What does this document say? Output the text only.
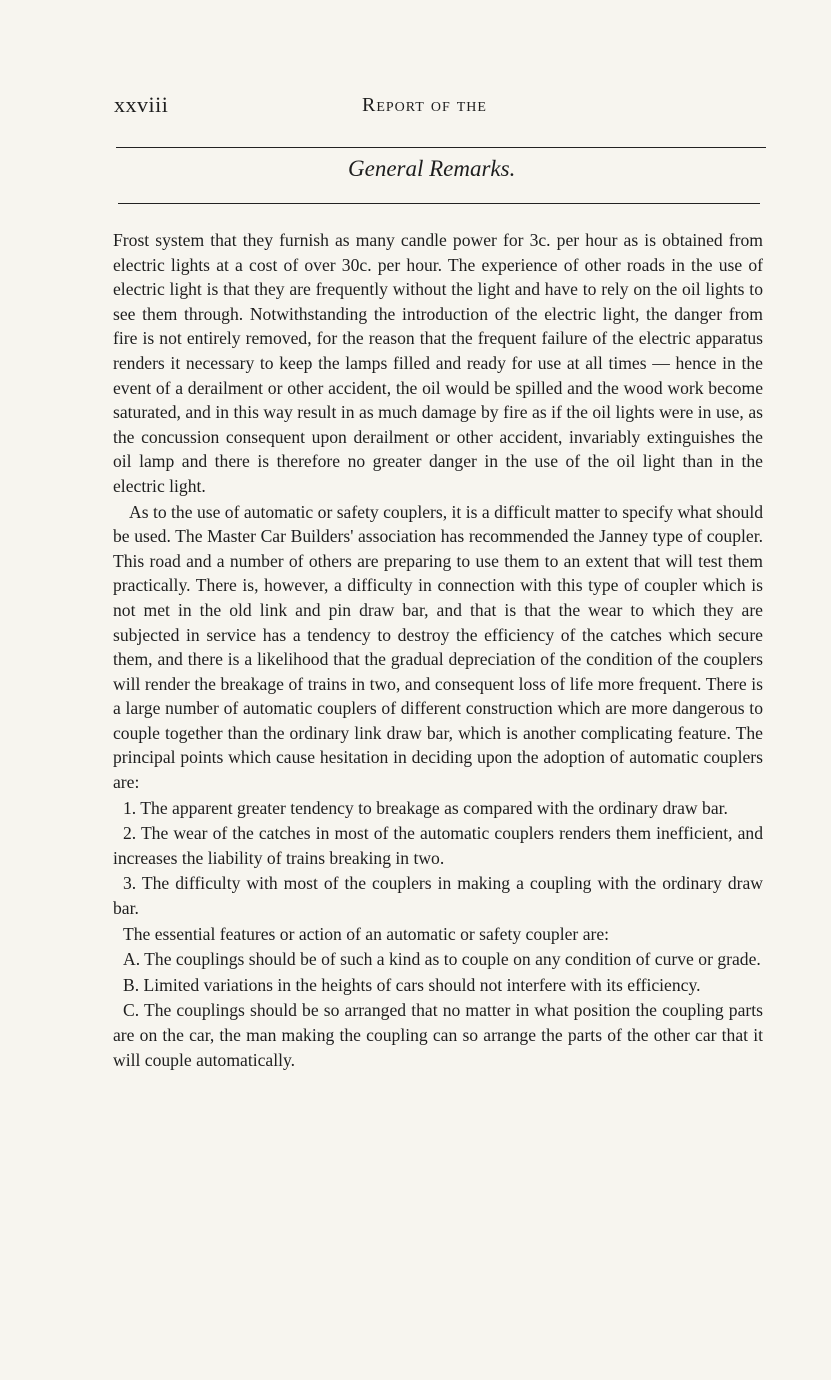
xxviii	Report of the
General Remarks.

Frost system that they furnish as many candle power for 3c. per hour as is obtained from electric lights at a cost of over 30c. per hour. The experience of other roads in the use of electric light is that they are frequently without the light and have to rely on the oil lights to see them through. Notwithstanding the introduction of the electric light, the danger from fire is not entirely removed, for the reason that the frequent failure of the electric apparatus renders it necessary to keep the lamps filled and ready for use at all times — hence in the event of a derailment or other accident, the oil would be spilled and the wood work become saturated, and in this way result in as much damage by fire as if the oil lights were in use, as the concussion consequent upon derailment or other accident, invariably extinguishes the oil lamp and there is therefore no greater danger in the use of the oil light than in the electric light.

As to the use of automatic or safety couplers, it is a difficult matter to specify what should be used. The Master Car Builders' association has recommended the Janney type of coupler. This road and a number of others are preparing to use them to an extent that will test them practically. There is, however, a difficulty in connection with this type of coupler which is not met in the old link and pin draw bar, and that is that the wear to which they are subjected in service has a tendency to destroy the efficiency of the catches which secure them, and there is a likelihood that the gradual depreciation of the condition of the couplers will render the breakage of trains in two, and consequent loss of life more frequent. There is a large number of automatic couplers of different construction which are more dangerous to couple together than the ordinary link draw bar, which is another complicating feature. The principal points which cause hesitation in deciding upon the adoption of automatic couplers are:

1. The apparent greater tendency to breakage as compared with the ordinary draw bar.

2. The wear of the catches in most of the automatic couplers renders them inefficient, and increases the liability of trains breaking in two.

3. The difficulty with most of the couplers in making a coupling with the ordinary draw bar.

The essential features or action of an automatic or safety coupler are:

A. The couplings should be of such a kind as to couple on any condition of curve or grade.

B. Limited variations in the heights of cars should not interfere with its efficiency.

C. The couplings should be so arranged that no matter in what position the coupling parts are on the car, the man making the coupling can so arrange the parts of the other car that it will couple automatically.
